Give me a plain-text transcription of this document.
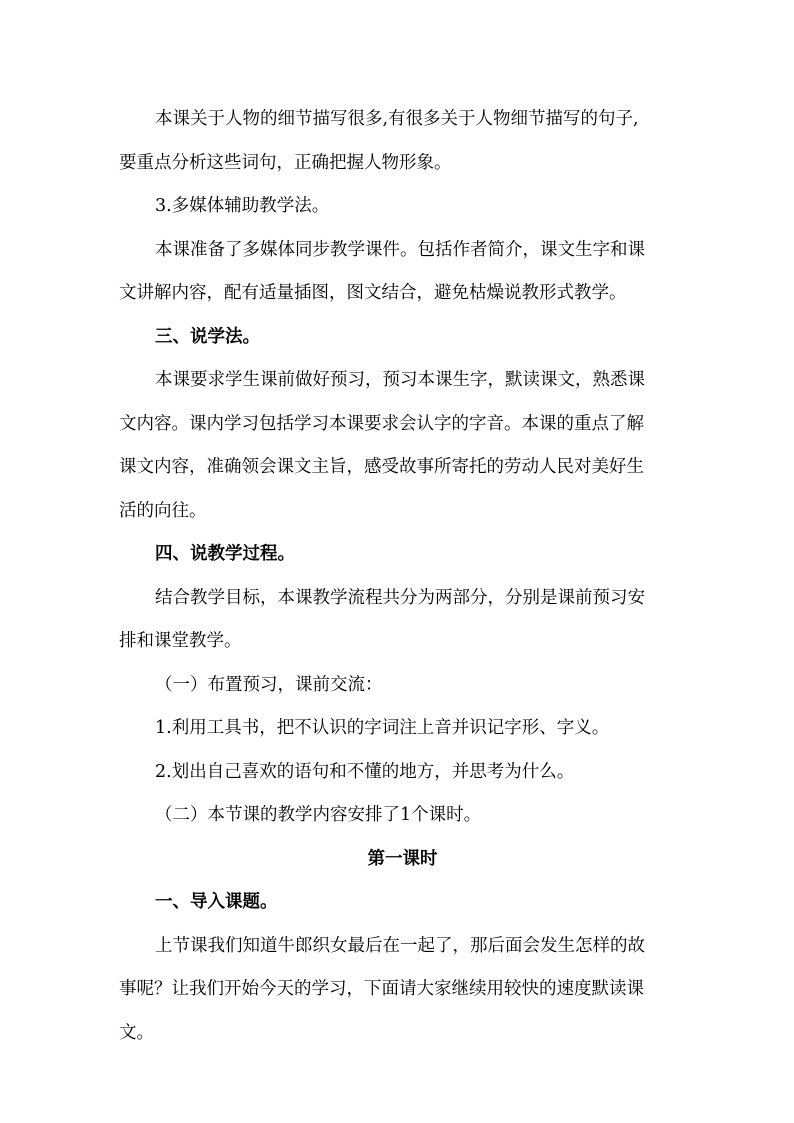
本课关于人物的细节描写很多,有很多关于人物细节描写的句子,
要重点分析这些词句，正确把握人物形象。
3.多媒体辅助教学法。
本课准备了多媒体同步教学课件。包括作者简介，课文生字和课
文讲解内容，配有适量插图，图文结合，避免枯燥说教形式教学。
三、说学法。
本课要求学生课前做好预习，预习本课生字，默读课文，熟悉课
文内容。课内学习包括学习本课要求会认字的字音。本课的重点了解
课文内容，准确领会课文主旨，感受故事所寄托的劳动人民对美好生
活的向往。
四、说教学过程。
结合教学目标，本课教学流程共分为两部分，分别是课前预习安
排和课堂教学。
（一）布置预习，课前交流：
1.利用工具书，把不认识的字词注上音并识记字形、字义。
2.划出自己喜欢的语句和不懂的地方，并思考为什么。
（二）本节课的教学内容安排了1个课时。
第一课时
一、导入课题。
上节课我们知道牛郎织女最后在一起了，那后面会发生怎样的故
事呢？让我们开始今天的学习，下面请大家继续用较快的速度默读课
文。
